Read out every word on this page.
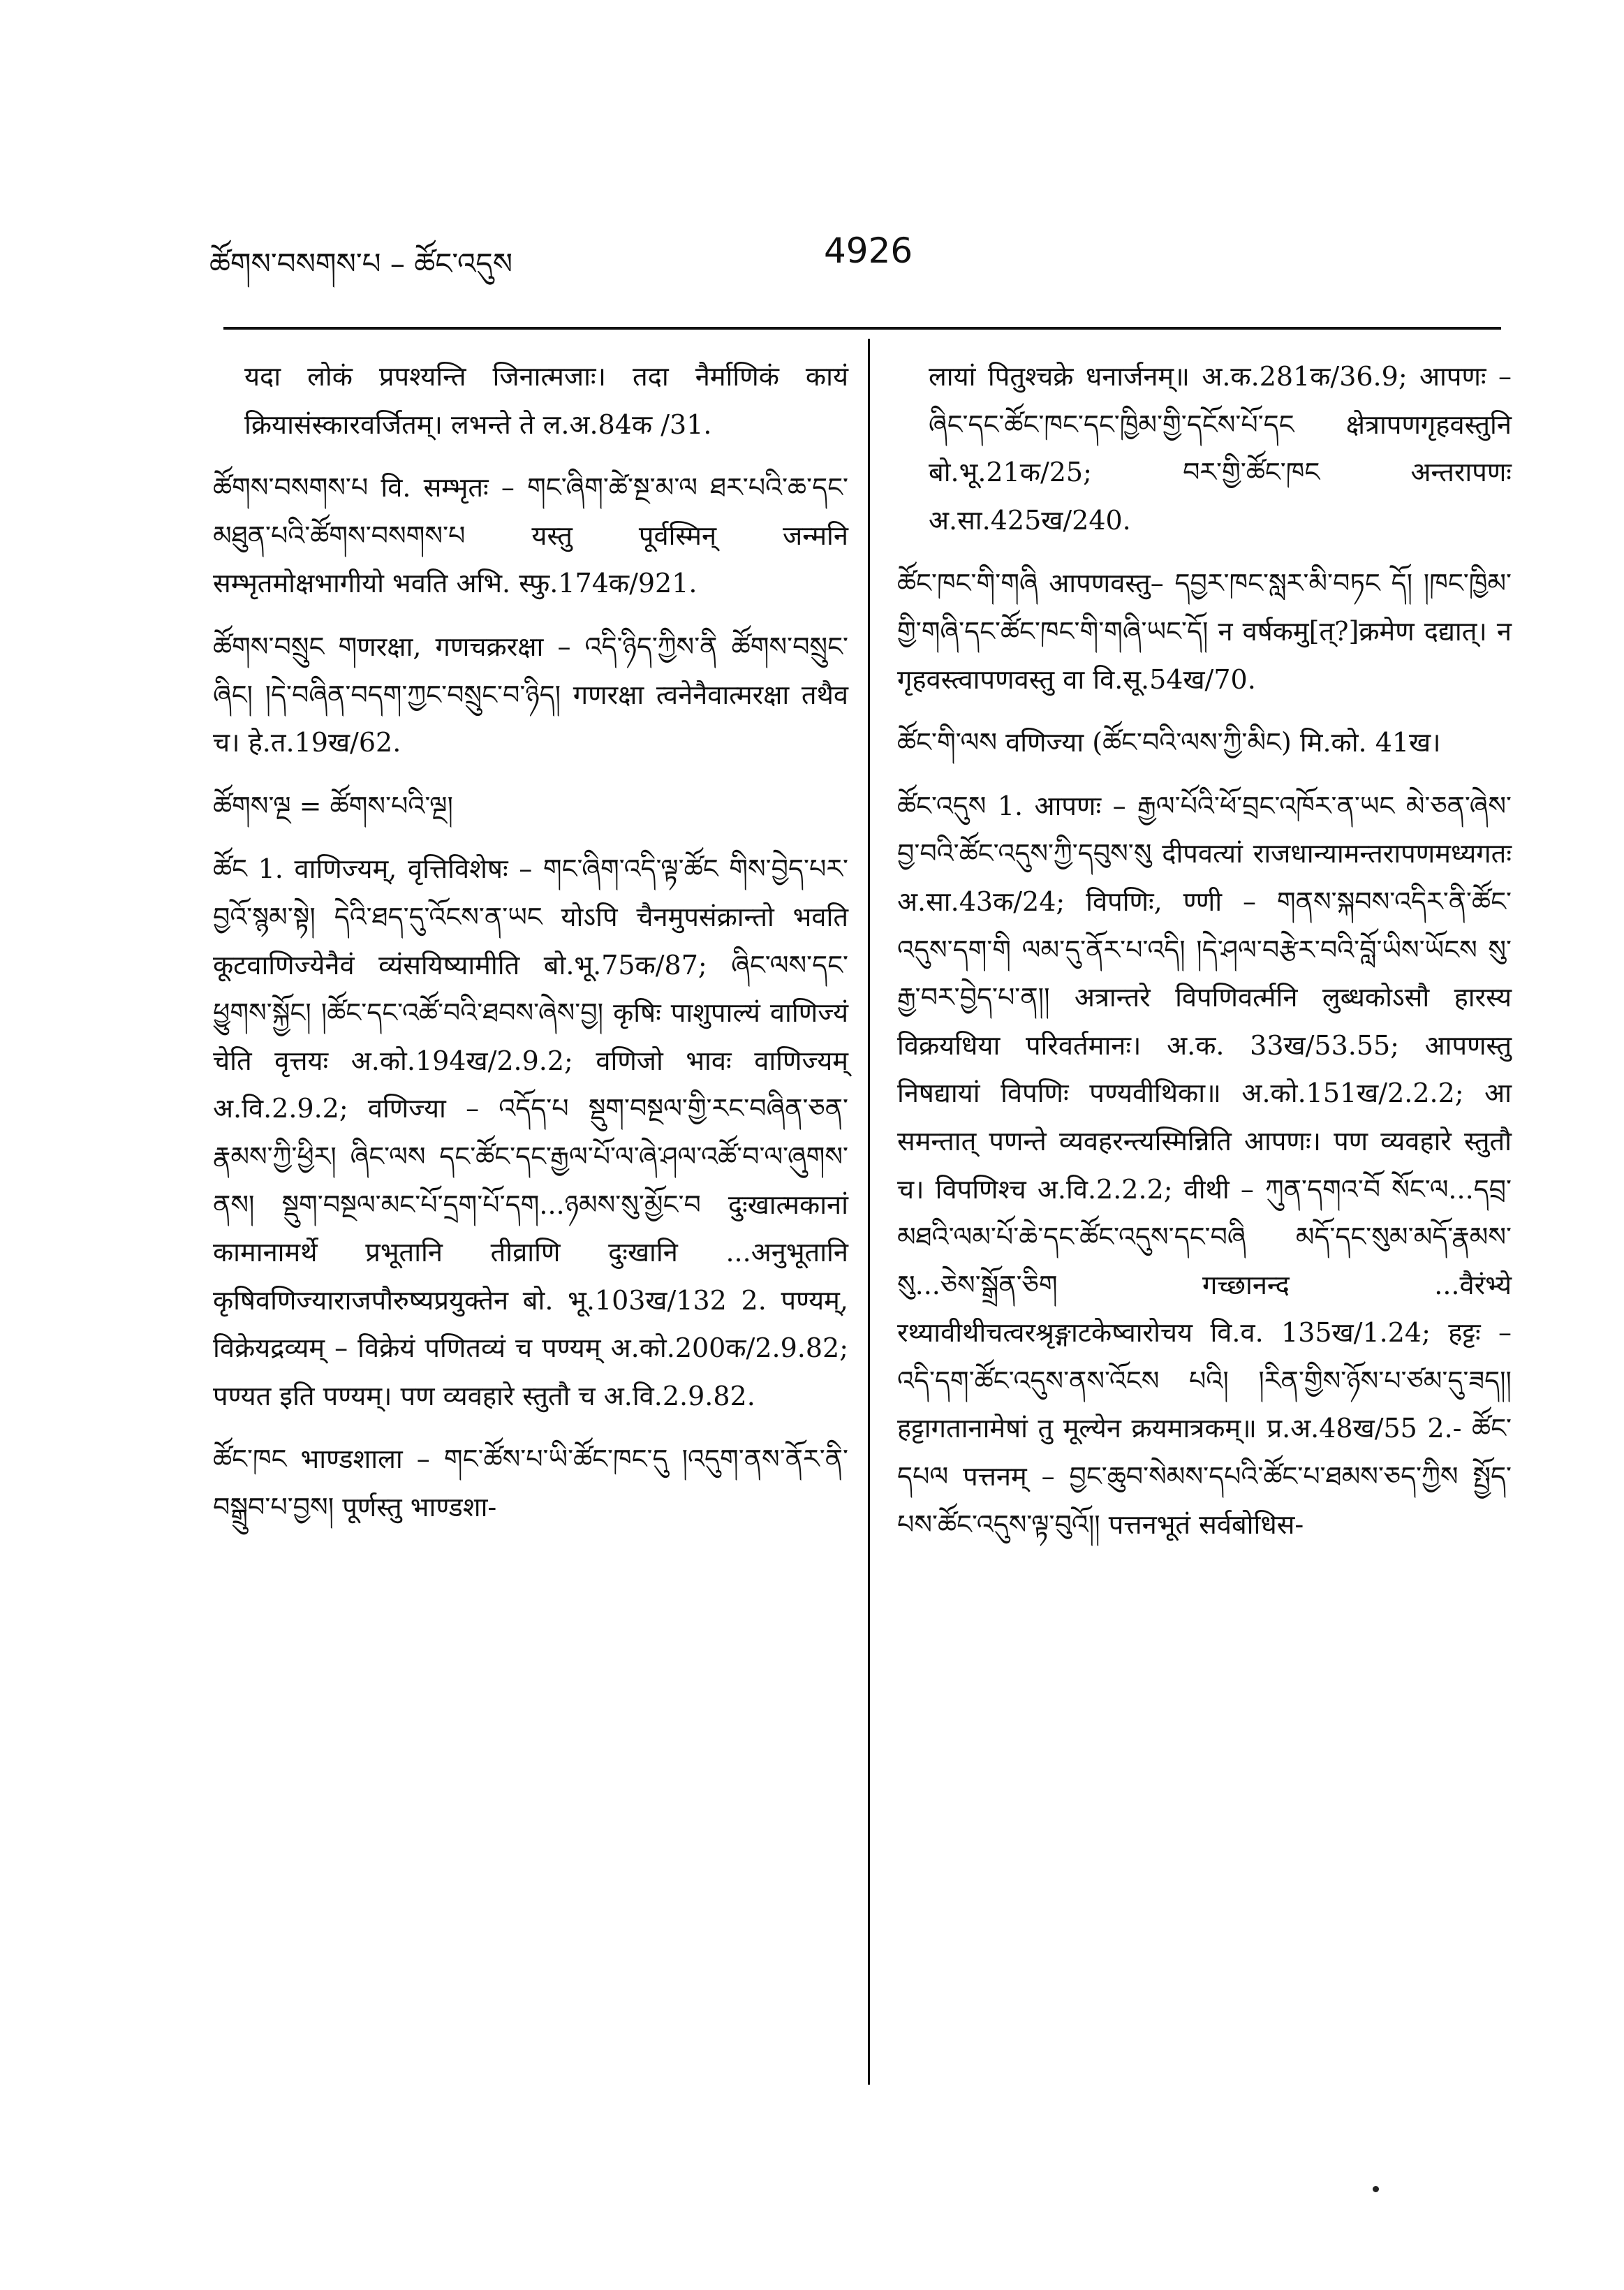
ཚོགས་བསགས་པ – ཚོང་འདུས	4926

यदा लोकं प्रपश्यन्ति जिनात्मजाः। तदा नैर्माणिकं कायं क्रियासंस्कारवर्जितम्। लभन्ते ते ल.अ.84क /31.

ཚོགས་བསགས་པ वि. सम्भृतः – གང་ཞིག་ཚེ་སྔ་མ་ལ ཐར་པའི་ཆ་དང་མཐུན་པའི་ཚོགས་བསགས་པ यस्तु पूर्वस्मिन् जन्मनि सम्भृतमोक्षभागीयो भवति अभि. स्फु.174क/921.

ཚོགས་བསྲུང གणरक्षा, गणचक्ररक्षा – འདི་ཉིད་ཀྱིས་ནི ཚོགས་བསྲུང་ཞིང། །དེ་བཞིན་བདག་ཀྱང་བསྲུང་བ་ཉིད། गणरक्षा त्वनेनैवात्मरक्षा तथैव च। हे.त.19ख/62.

ཚོགས་ལྔ = ཚོགས་པའི་ལྔ།

ཚོང 1. वाणिज्यम्, वृत्तिविशेषः – གང་ཞིག་འདི་ལྟ་ཚོང གིས་བྱེད་པར་བྱའོ་སྙམ་སྟེ། དེའི་ཐད་དུ་འོངས་ན་ཡང योऽपि चैनमुपसंक्रान्तो भवति कूटवाणिज्येनैवं व्यंसयिष्यामीति बो.भू.75क/87; ཞིང་ལས་དང་ཕྱུགས་སྐྱོང། །ཚོང་དང་འཚོ་བའི་ཐབས་ཞེས་བྱ། कृषिः पाशुपाल्यं वाणिज्यं चेति वृत्तयः अ.को.194ख/2.9.2; वणिजो भावः वाणिज्यम् अ.वि.2.9.2; वणिज्या – འདོད་པ སྡུག་བསྔལ་གྱི་རང་བཞིན་ཅན་རྣམས་ཀྱི་ཕྱིར། ཞིང་ལས དང་ཚོང་དང་རྒྱལ་པོ་ལ་ཞེ་ཤལ་འཚོ་བ་ལ་ཞུགས་ནས། སྡུག་བསྔལ་མང་པོ་དྲག་པོ་དག...ཉམས་སུ་མྱོང་བ दुःखात्मकानां कामानामर्थे प्रभूतानि तीव्राणि दुःखानि ...अनुभूतानि कृषिवणिज्याराजपौरुष्यप्रयुक्तेन बो. भू.103ख/132 2. पण्यम्, विक्रेयद्रव्यम् – विक्रेयं पणितव्यं च पण्यम् अ.को.200क/2.9.82; पण्यत इति पण्यम्। पण व्यवहारे स्तुतौ च अ.वि.2.9.82.

ཚོང་ཁང भाण्डशाला – གང་ཚོས་པ་ཡི་ཚོང་ཁང་དུ །འདུག་ནས་ནོར་ནི་བསྒྲུབ་པ་བྱས། पूर्णस्तु भाण्डशा-

लायां पितुश्चक्रे धनार्जनम्॥ अ.क.281क/36.9; आपणः – ཞིང་དང་ཚོང་ཁང་དང་ཁྱིམ་གྱི་དངོས་པོ་དང क्षेत्रापणगृहवस्तुनि बो.भू.21क/25; བར་གྱི་ཚོང་ཁང अन्तरापणः अ.सा.425ख/240.

ཚོང་ཁང་གི་གཞི आपणवस्तु– དབྱར་ཁང་སླར་མི་བཏང དོ། །ཁང་ཁྱིམ་གྱི་གཞི་དང་ཚོང་ཁང་གི་གཞི་ཡང་དོ། न वर्षकमु[त्?]क्रमेण दद्यात्। न गृहवस्त्वापणवस्तु वा वि.सू.54ख/70.

ཚོང་གི་ལས वणिज्या (ཚོང་བའི་ལས་ཀྱི་མིང) मि.को. 41ख।

ཚོང་འདུས 1. आपणः – རྒྱལ་པོའི་ཕོ་བྲང་འཁོར་ན་ཡང མེ་ཅན་ཞེས་བྱ་བའི་ཚོང་འདུས་ཀྱི་དབུས་སུ दीपवत्यां राजधान्यामन्तरापणमध्यगतः अ.सा.43क/24; विपणिः, ण्णी – གནས་སྐབས་འདིར་ནི་ཚོང་འདུས་དག་གི ལམ་དུ་ནོར་པ་འདི། །དེ་ཤལ་བརྩེར་བའི་བློ་ཡིས་ཡོངས སུ་རྒྱ་བར་བྱེད་པ་ན།། अत्रान्तरे विपणिवर्त्मनि लुब्धकोऽसौ हारस्य विक्रयधिया परिवर्तमानः। अ.क. 33ख/53.55; आपणस्तु निषद्यायां विपणिः पण्यवीथिका॥ अ.को.151ख/2.2.2; आ समन्तात् पणन्ते व्यवहरन्त्यस्मिन्निति आपणः। पण व्यवहारे स्तुतौ च। विपणिश्च अ.वि.2.2.2; वीथी – ཀུན་དགའ་བོ སོང་ལ...དབྲ་མཐའི་ལམ་པོ་ཆེ་དང་ཚོང་འདུས་དང་བཞི མདོ་དང་སུམ་མདོ་རྣམས་སུ...ཅེས་སྒྲོན་ཅིག गच्छानन्द ...वैरंभ्ये रथ्यावीथीचत्वरश्रृङ्गाटकेष्वारोचय वि.व. 135ख/1.24; हट्टः – འདི་དག་ཚོང་འདུས་ནས་འོངས པའི། །རིན་གྱིས་ཉོས་པ་ཙམ་དུ་ཟད།། हट्टागतानामेषां तु मूल्येन क्रयमात्रकम्॥ प्र.अ.48ख/55 2.- ཚོང་དཔལ पत्तनम् – བྱང་ཆུབ་སེམས་དཔའི་ཚོང་པ་ཐམས་ཅད་ཀྱིས སྤྱོད་པས་ཚོང་འདུས་ལྟ་བུའོ།། पत्तनभूतं सर्वबोधिस-
